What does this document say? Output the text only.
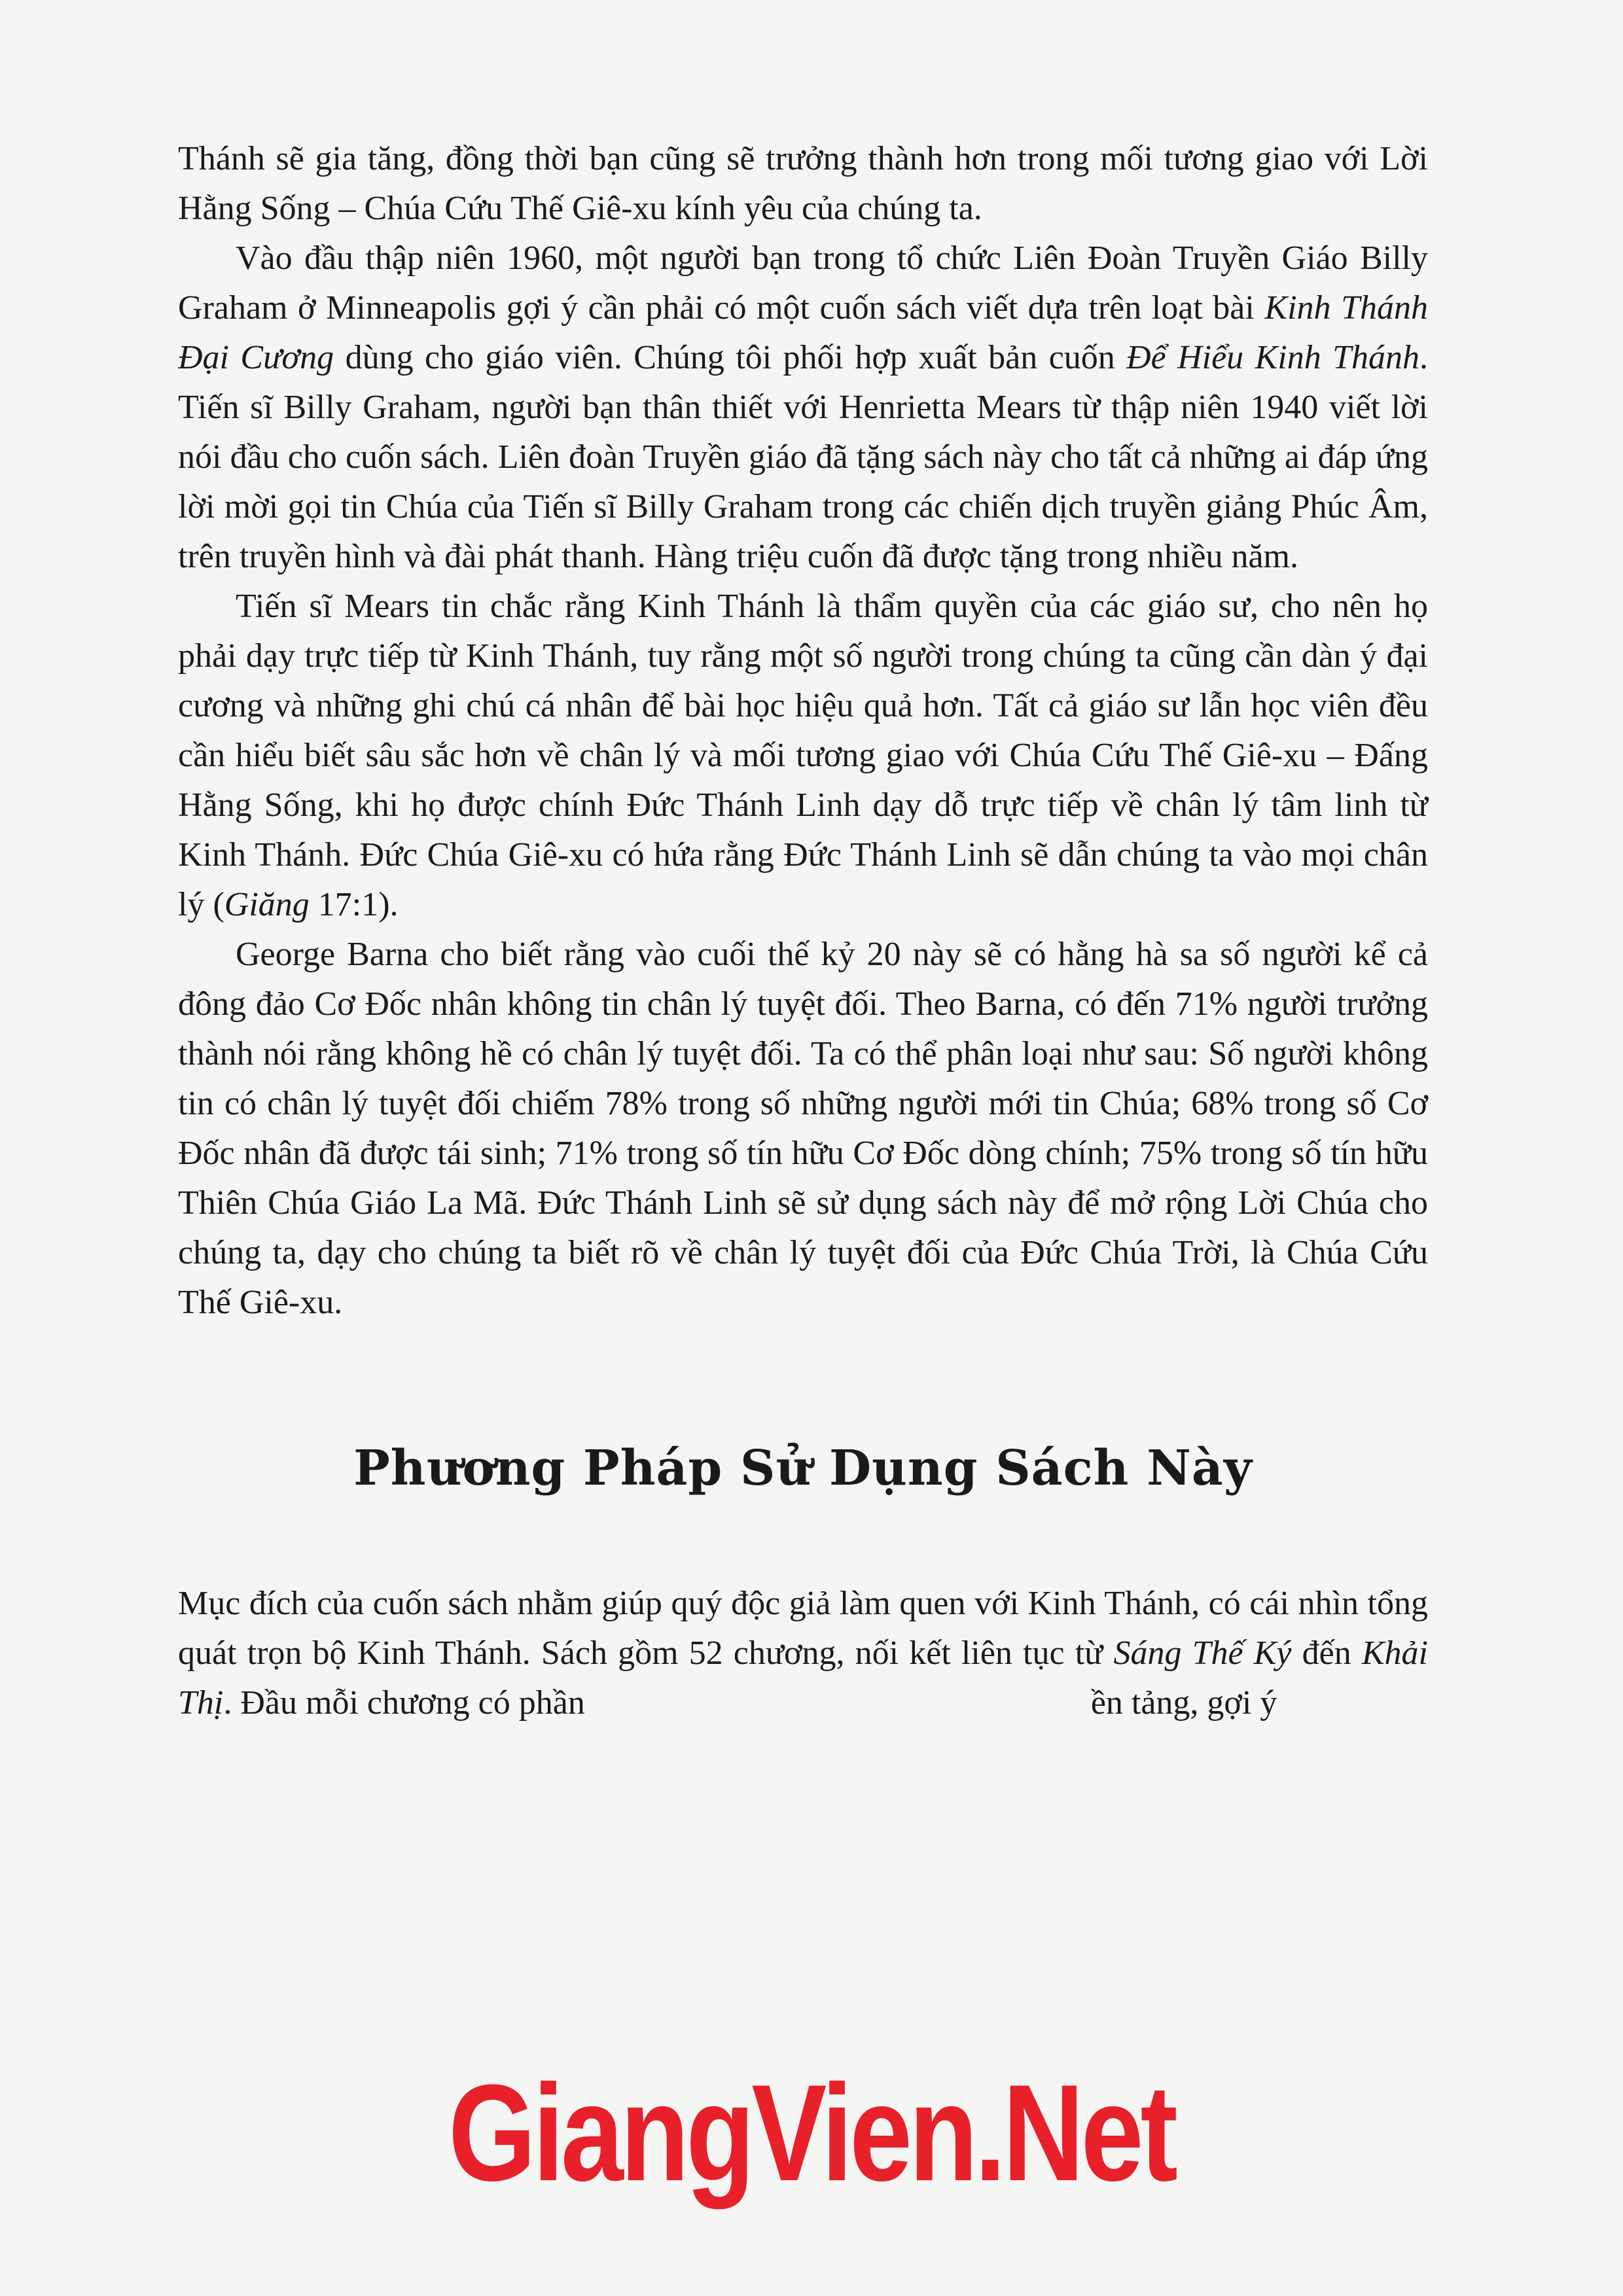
Thánh sẽ gia tăng, đồng thời bạn cũng sẽ trưởng thành hơn trong mối tương giao với Lời Hằng Sống – Chúa Cứu Thế Giê-xu kính yêu của chúng ta.

Vào đầu thập niên 1960, một người bạn trong tổ chức Liên Đoàn Truyền Giáo Billy Graham ở Minneapolis gợi ý cần phải có một cuốn sách viết dựa trên loạt bài Kinh Thánh Đại Cương dùng cho giáo viên. Chúng tôi phối hợp xuất bản cuốn Để Hiểu Kinh Thánh. Tiến sĩ Billy Graham, người bạn thân thiết với Henrietta Mears từ thập niên 1940 viết lời nói đầu cho cuốn sách. Liên đoàn Truyền giáo đã tặng sách này cho tất cả những ai đáp ứng lời mời gọi tin Chúa của Tiến sĩ Billy Graham trong các chiến dịch truyền giảng Phúc Âm, trên truyền hình và đài phát thanh. Hàng triệu cuốn đã được tặng trong nhiều năm.

Tiến sĩ Mears tin chắc rằng Kinh Thánh là thẩm quyền của các giáo sư, cho nên họ phải dạy trực tiếp từ Kinh Thánh, tuy rằng một số người trong chúng ta cũng cần dàn ý đại cương và những ghi chú cá nhân để bài học hiệu quả hơn. Tất cả giáo sư lẫn học viên đều cần hiểu biết sâu sắc hơn về chân lý và mối tương giao với Chúa Cứu Thế Giê-xu – Đấng Hằng Sống, khi họ được chính Đức Thánh Linh dạy dỗ trực tiếp về chân lý tâm linh từ Kinh Thánh. Đức Chúa Giê-xu có hứa rằng Đức Thánh Linh sẽ dẫn chúng ta vào mọi chân lý (Giăng 17:1).

George Barna cho biết rằng vào cuối thế kỷ 20 này sẽ có hằng hà sa số người kể cả đông đảo Cơ Đốc nhân không tin chân lý tuyệt đối. Theo Barna, có đến 71% người trưởng thành nói rằng không hề có chân lý tuyệt đối. Ta có thể phân loại như sau: Số người không tin có chân lý tuyệt đối chiếm 78% trong số những người mới tin Chúa; 68% trong số Cơ Đốc nhân đã được tái sinh; 71% trong số tín hữu Cơ Đốc dòng chính; 75% trong số tín hữu Thiên Chúa Giáo La Mã. Đức Thánh Linh sẽ sử dụng sách này để mở rộng Lời Chúa cho chúng ta, dạy cho chúng ta biết rõ về chân lý tuyệt đối của Đức Chúa Trời, là Chúa Cứu Thế Giê-xu.

Phương Pháp Sử Dụng Sách Này

Mục đích của cuốn sách nhằm giúp quý độc giả làm quen với Kinh Thánh, có cái nhìn tổng quát trọn bộ Kinh Thánh. Sách gồm 52 chương, nối kết liên tục từ Sáng Thế Ký đến Khải Thị. Đầu mỗi chương có phần	ền tảng, gợi ý

GiangVien.Net
